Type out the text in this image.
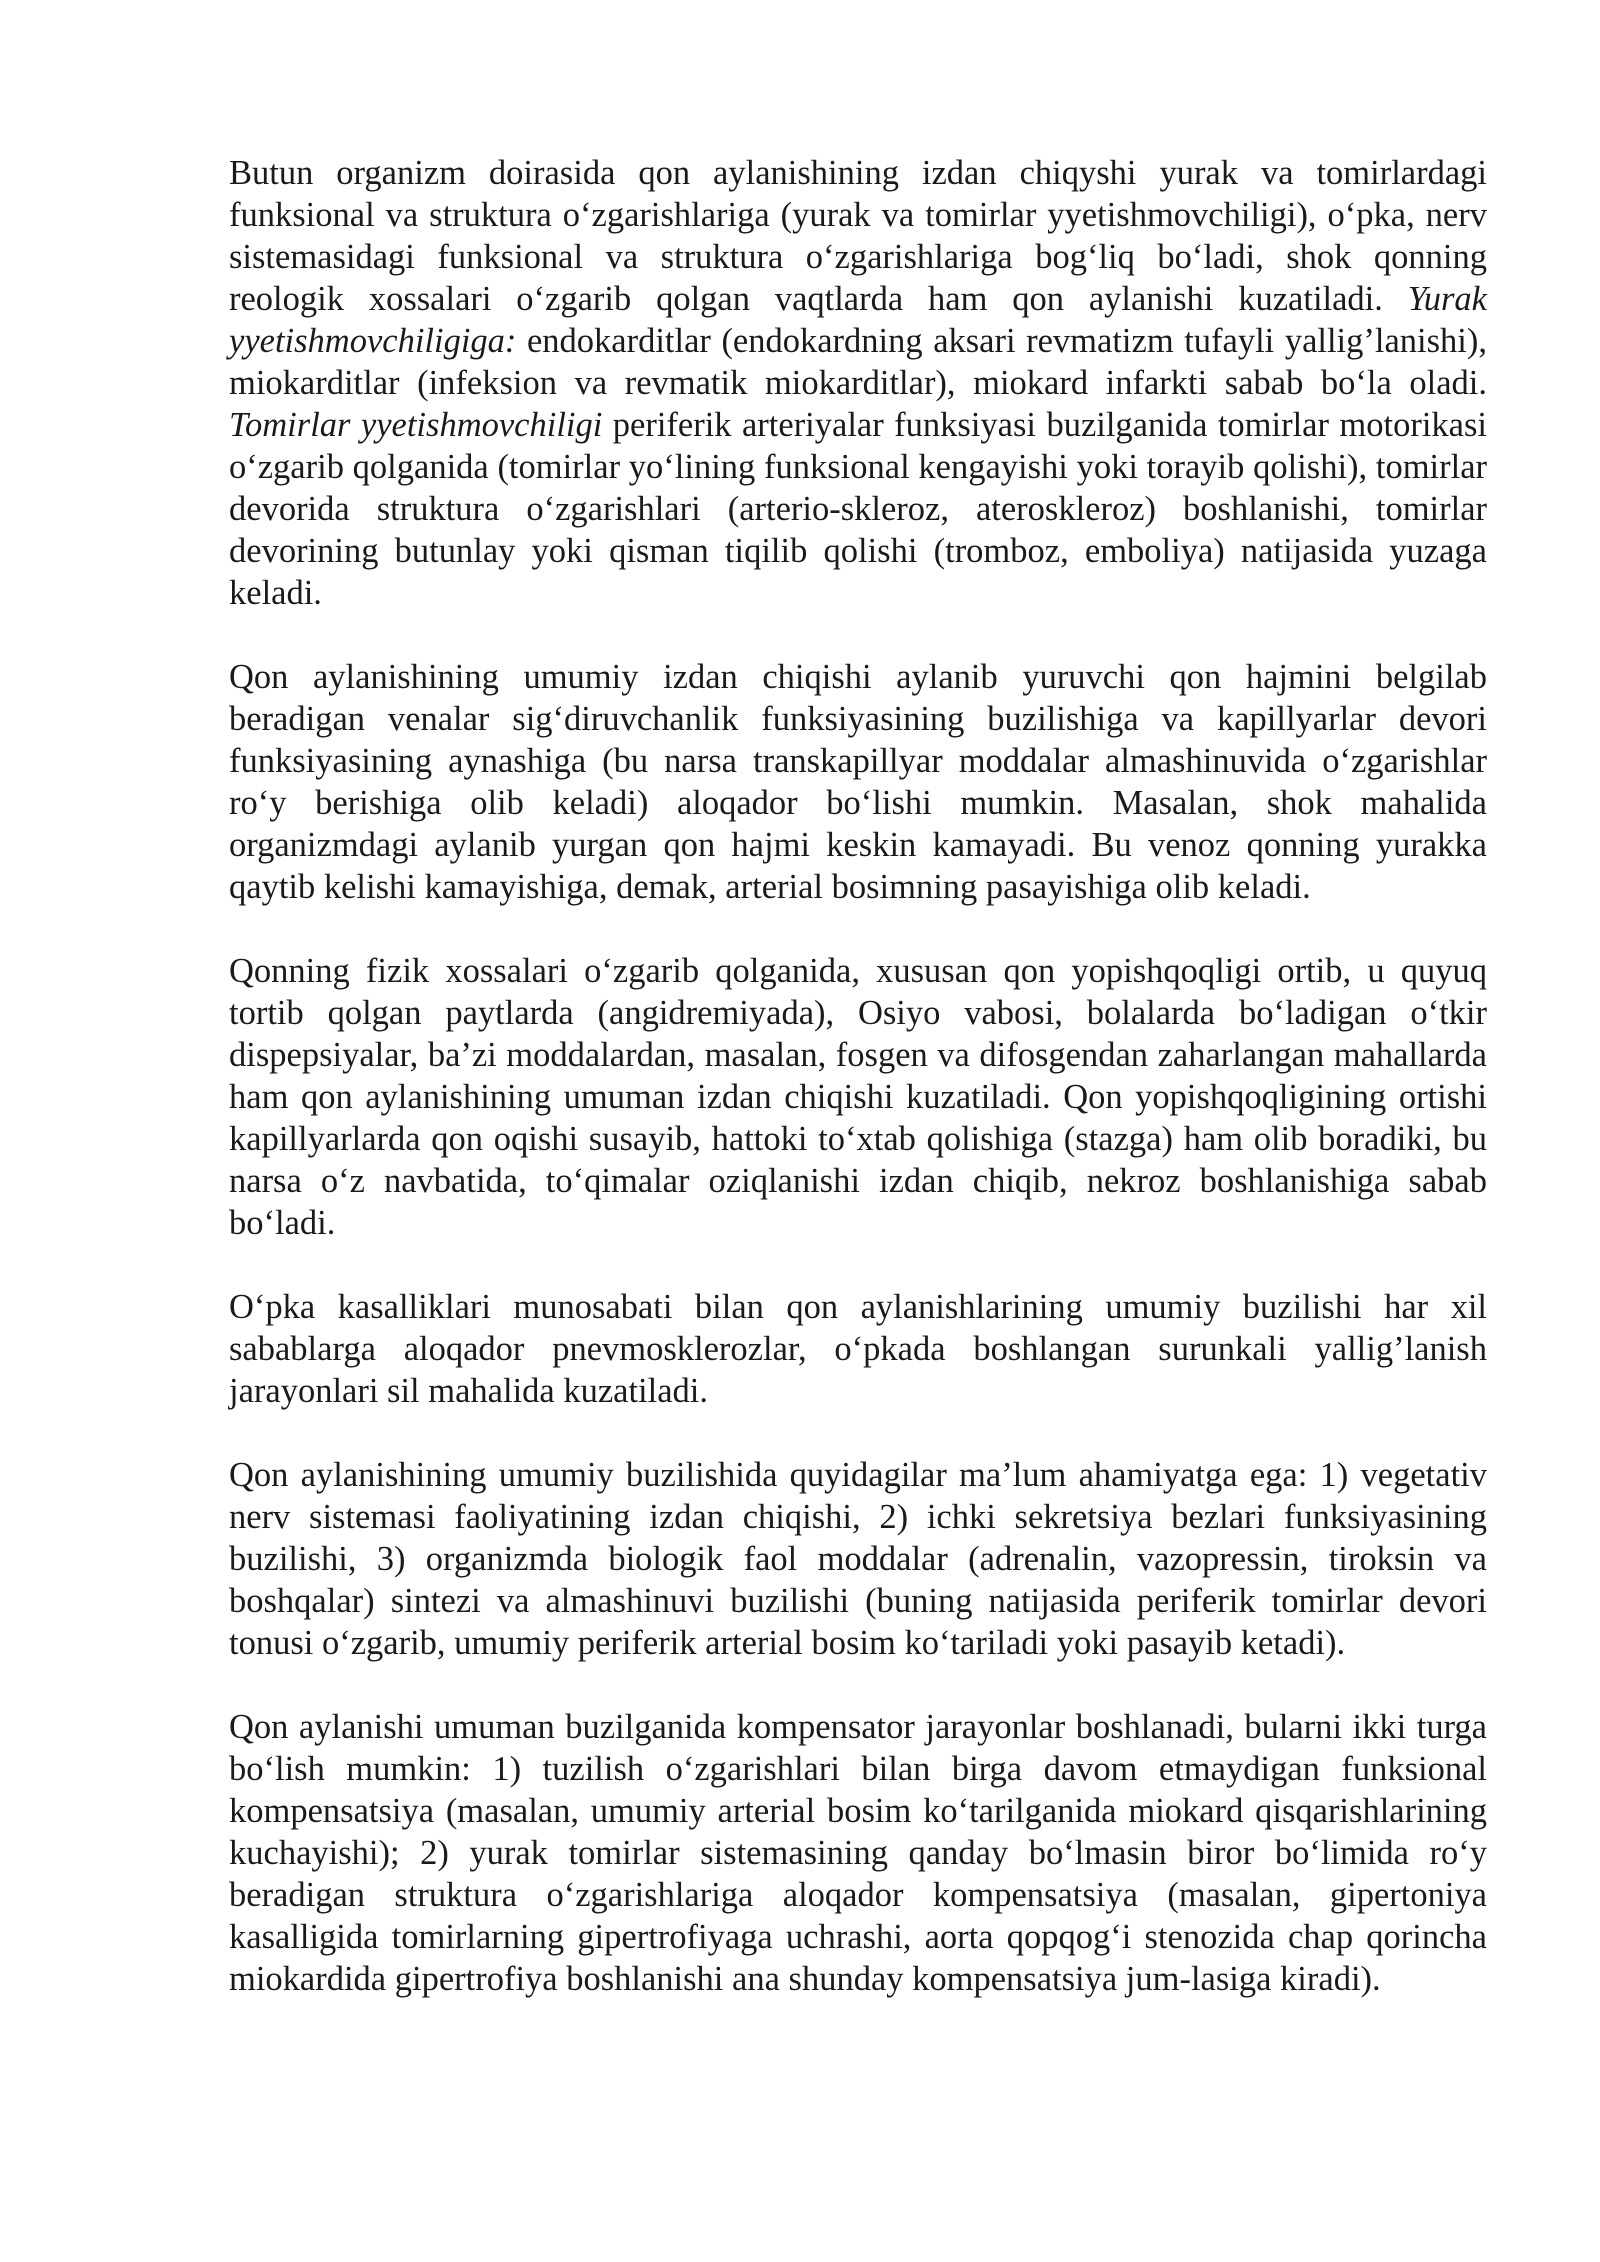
Butun organizm doirasida qon aylanishining izdan chiqyshi yurak va tomirlardagi funksional va struktura oʻzgarishlariga (yurak va tomirlar yyetishmovchiligi), oʻpka, nerv sistemasidagi funksional va struktura oʻzgarishlariga bogʻliq boʻladi, shok qonning reologik xossalari oʻzgarib qolgan vaqtlarda ham qon aylanishi kuzatiladi. Yurak yyetishmovchiligiga: endokarditlar (endokardning aksari revmatizm tufayli yallig’lanishi), miokarditlar (infeksion va revmatik miokarditlar), miokard infarkti sabab boʻla oladi. Tomirlar yyetishmovchiligi periferik arteriyalar funksiyasi buzilganida tomirlar motorikasi oʻzgarib qolganida (tomirlar yoʻlining funksional kengayishi yoki torayib qolishi), tomirlar devorida struktura oʻzgarishlari (arterio-skleroz, ateroskleroz) boshlanishi, tomirlar devorining butunlay yoki qisman tiqilib qolishi (tromboz, emboliya) natijasida yuzaga keladi.

Qon aylanishining umumiy izdan chiqishi aylanib yuruvchi qon hajmini belgilab beradigan venalar sigʻdiruvchanlik funksiyasining buzilishiga va kapillyarlar devori funksiyasining aynashiga (bu narsa transkapillyar moddalar almashinuvida oʻzgarishlar roʻy berishiga olib keladi) aloqador boʻlishi mumkin. Masalan, shok mahalida organizmdagi aylanib yurgan qon hajmi keskin kamayadi. Bu venoz qonning yurakka qaytib kelishi kamayishiga, demak, arterial bosimning pasayishiga olib keladi.

Qonning fizik xossalari oʻzgarib qolganida, xususan qon yopishqoqligi ortib, u quyuq tortib qolgan paytlarda (angidremiyada), Osiyo vabosi, bolalarda boʻladigan oʻtkir dispepsiyalar, ba’zi moddalardan, masalan, fosgen va difosgendan zaharlangan mahallarda ham qon aylanishining umuman izdan chiqishi kuzatiladi. Qon yopishqoqligining ortishi kapillyarlarda qon oqishi susayib, hattoki toʻxtab qolishiga (stazga) ham olib boradiki, bu narsa oʻz navbatida, toʻqimalar oziqlanishi izdan chiqib, nekroz boshlanishiga sabab boʻladi.

Oʻpka kasalliklari munosabati bilan qon aylanishlarining umumiy buzilishi har xil sabablarga aloqador pnevmosklerozlar, oʻpkada boshlangan surunkali yallig’lanish jarayonlari sil mahalida kuzatiladi.

Qon aylanishining umumiy buzilishida quyidagilar ma’lum ahamiyatga ega: 1) vegetativ nerv sistemasi faoliyatining izdan chiqishi, 2) ichki sekretsiya bezlari funksiyasining buzilishi, 3) organizmda biologik faol moddalar (adrenalin, vazopressin, tiroksin va boshqalar) sintezi va almashinuvi buzilishi (buning natijasida periferik tomirlar devori tonusi oʻzgarib, umumiy periferik arterial bosim koʻtariladi yoki pasayib ketadi).

Qon aylanishi umuman buzilganida kompensator jarayonlar boshlanadi, bularni ikki turga boʻlish mumkin: 1) tuzilish oʻzgarishlari bilan birga davom etmaydigan funksional kompensatsiya (masalan, umumiy arterial bosim koʻtarilganida miokard qisqarishlarining kuchayishi); 2) yurak tomirlar sistemasining qanday boʻlmasin biror boʻlimida roʻy beradigan struktura oʻzgarishlariga aloqador kompensatsiya (masalan, gipertoniya kasalligida tomirlarning gipertrofiyaga uchrashi, aorta qopqogʻi stenozida chap qorincha miokardida gipertrofiya boshlanishi ana shunday kompensatsiya jum-lasiga kiradi).
